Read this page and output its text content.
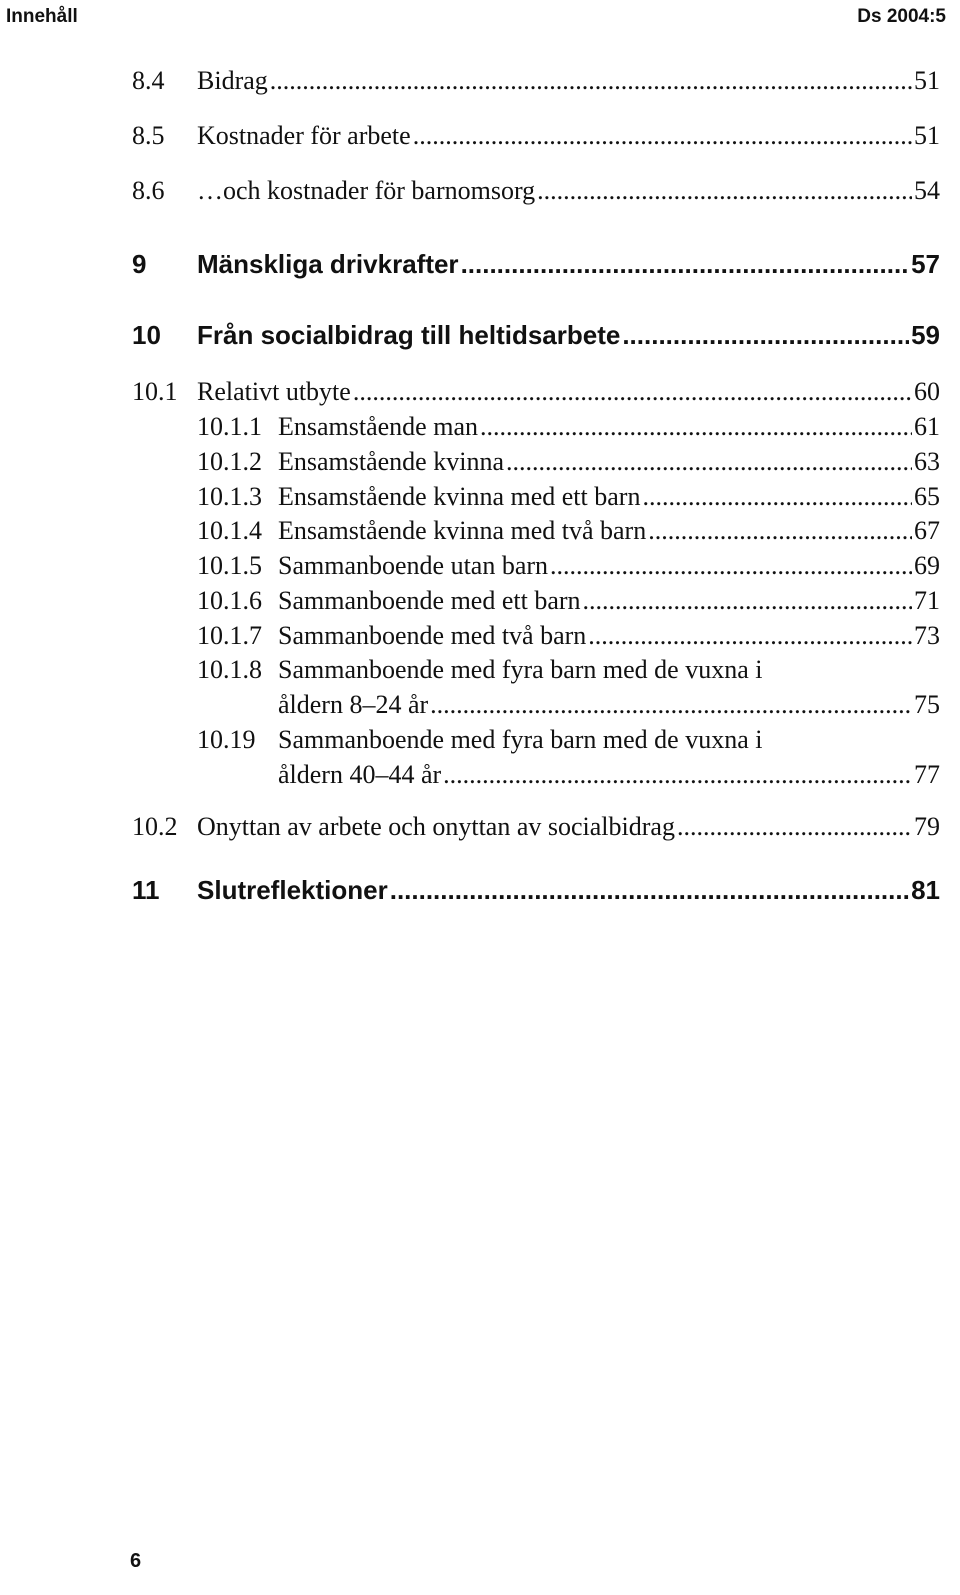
Innehåll	Ds 2004:5
8.4 Bidrag .....	51
8.5 Kostnader för arbete .....	51
8.6 …och kostnader för barnomsorg .....	54
9 Mänskliga drivkrafter .....	57
10 Från socialbidrag till heltidsarbete .....	59
10.1 Relativt utbyte .....	60
10.1.1 Ensamstående man .....	61
10.1.2 Ensamstående kvinna .....	63
10.1.3 Ensamstående kvinna med ett barn .....	65
10.1.4 Ensamstående kvinna med två barn .....	67
10.1.5 Sammanboende utan barn .....	69
10.1.6 Sammanboende med ett barn .....	71
10.1.7 Sammanboende med två barn .....	73
10.1.8 Sammanboende med fyra barn med de vuxna i
åldern 8–24 år .....	75
10.19 Sammanboende med fyra barn med de vuxna i
åldern 40–44 år .....	77
10.2 Onyttan av arbete och onyttan av socialbidrag .....	79
11 Slutreflektioner .....	81
6
